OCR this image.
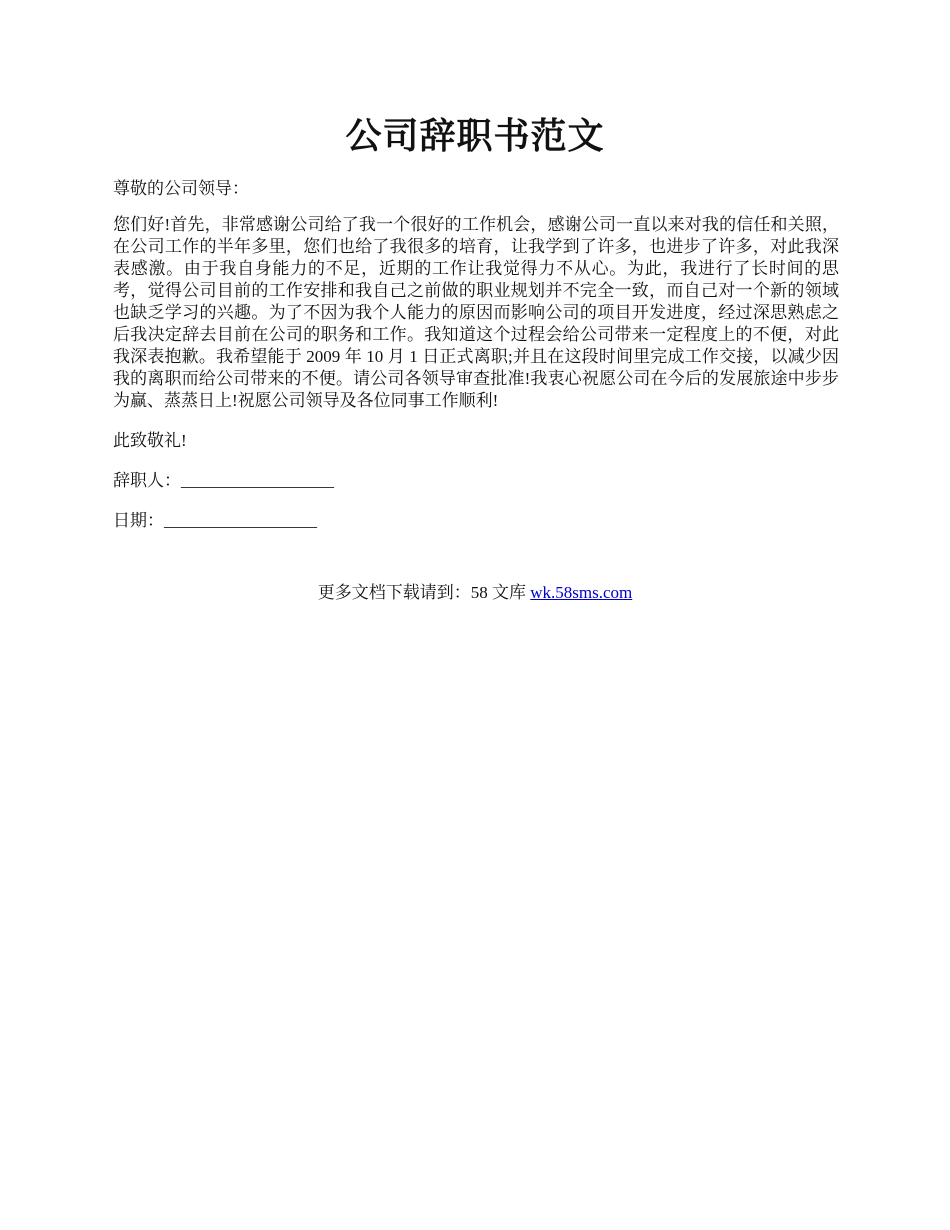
公司辞职书范文

尊敬的公司领导：

您们好!首先，非常感谢公司给了我一个很好的工作机会，感谢公司一直以来对我的信任和关照，在公司工作的半年多里，您们也给了我很多的培育，让我学到了许多，也进步了许多，对此我深表感激。由于我自身能力的不足，近期的工作让我觉得力不从心。为此，我进行了长时间的思考，觉得公司目前的工作安排和我自己之前做的职业规划并不完全一致，而自己对一个新的领域也缺乏学习的兴趣。为了不因为我个人能力的原因而影响公司的项目开发进度，经过深思熟虑之后我决定辞去目前在公司的职务和工作。我知道这个过程会给公司带来一定程度上的不便，对此我深表抱歉。我希望能于 2009 年 10 月 1 日正式离职;并且在这段时间里完成工作交接，以减少因我的离职而给公司带来的不便。请公司各领导审查批准!我衷心祝愿公司在今后的发展旅途中步步为赢、蒸蒸日上!祝愿公司领导及各位同事工作顺利!

此致敬礼!

辞职人：__________________

日期：__________________

更多文档下载请到：58 文库 wk.58sms.com
